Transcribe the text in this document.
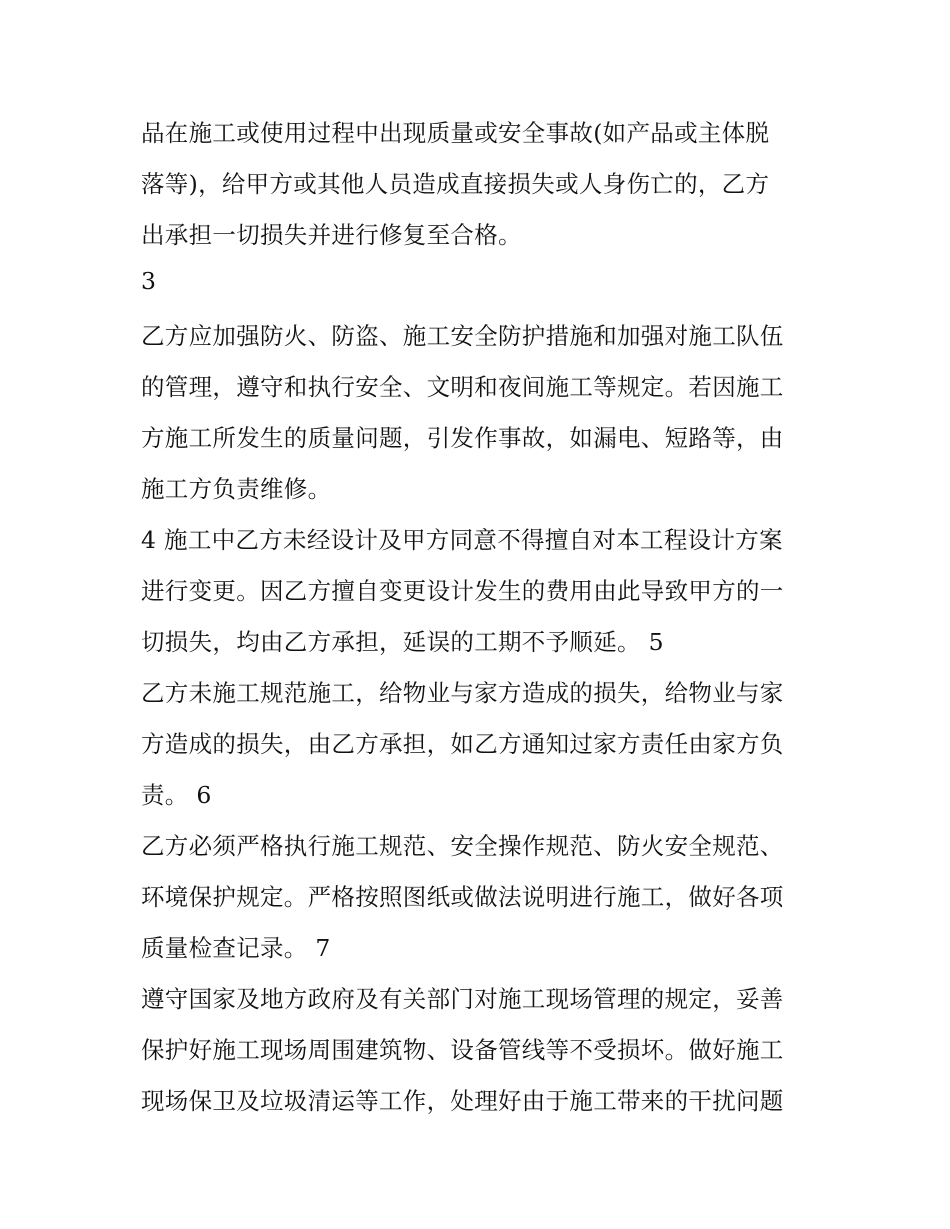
品在施工或使用过程中出现质量或安全事故(如产品或主体脱
落等)，给甲方或其他人员造成直接损失或人身伤亡的，乙方
出承担一切损失并进行修复至合格。
3
乙方应加强防火、防盗、施工安全防护措施和加强对施工队伍
的管理，遵守和执行安全、文明和夜间施工等规定。若因施工
方施工所发生的质量问题，引发作事故，如漏电、短路等，由
施工方负责维修。
4 施工中乙方未经设计及甲方同意不得擅自对本工程设计方案
进行变更。因乙方擅自变更设计发生的费用由此导致甲方的一
切损失，均由乙方承担，延误的工期不予顺延。 5
乙方未施工规范施工，给物业与家方造成的损失，给物业与家
方造成的损失，由乙方承担，如乙方通知过家方责任由家方负
责。 6
乙方必须严格执行施工规范、安全操作规范、防火安全规范、
环境保护规定。严格按照图纸或做法说明进行施工，做好各项
质量检查记录。 7
遵守国家及地方政府及有关部门对施工现场管理的规定，妥善
保护好施工现场周围建筑物、设备管线等不受损坏。做好施工
现场保卫及垃圾清运等工作，处理好由于施工带来的干扰问题
